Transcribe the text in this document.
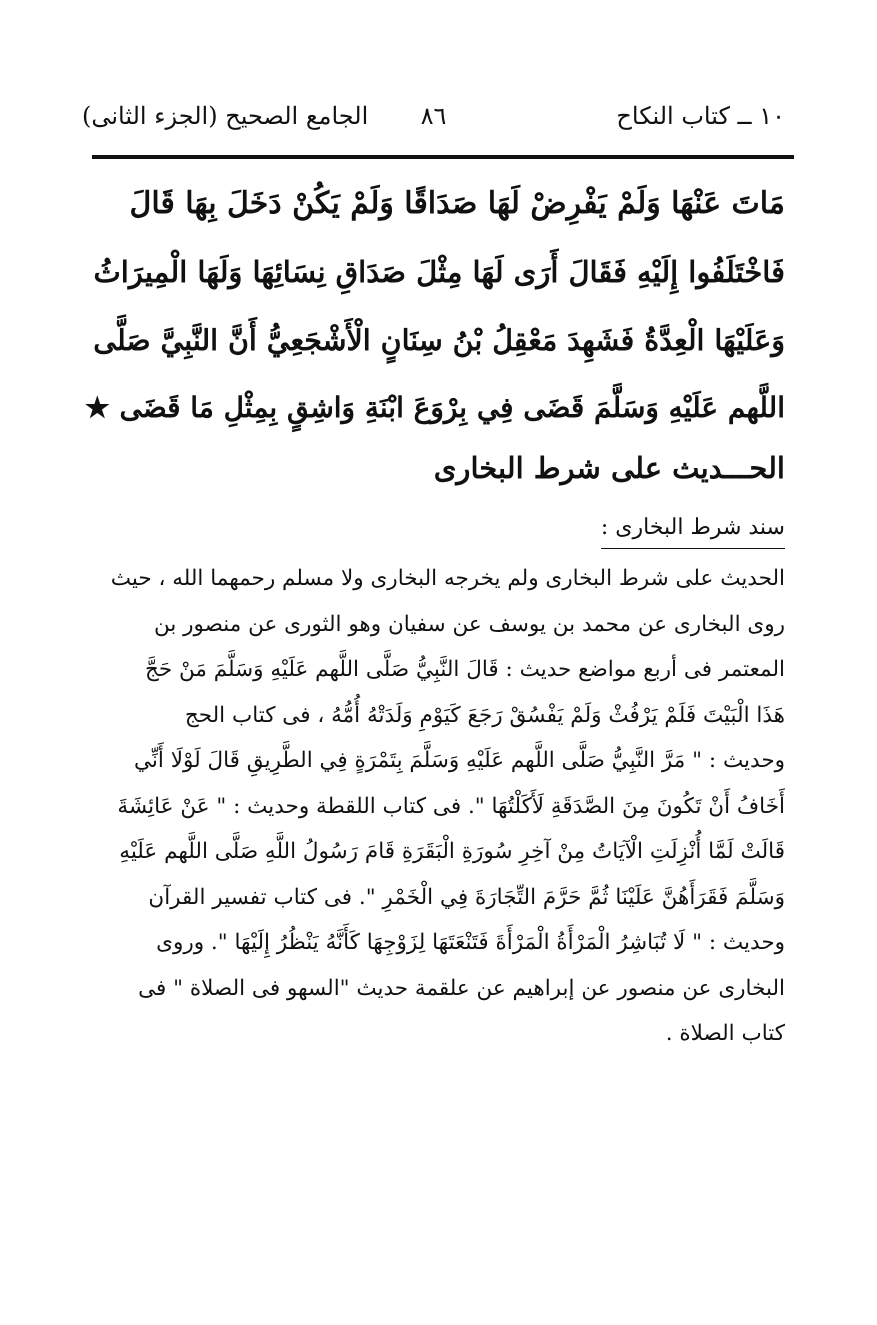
١٠ ــ كتاب النكاح
٨٦
الجامع الصحيح (الجزء الثانى)
مَاتَ عَنْهَا وَلَمْ يَفْرِضْ لَهَا صَدَاقًا وَلَمْ يَكُنْ دَخَلَ بِهَا قَالَ
فَاخْتَلَفُوا إِلَيْهِ فَقَالَ أَرَى لَهَا مِثْلَ صَدَاقِ نِسَائِهَا وَلَهَا الْمِيرَاثُ
وَعَلَيْهَا الْعِدَّةُ فَشَهِدَ مَعْقِلُ بْنُ سِنَانٍ الْأَشْجَعِيُّ أَنَّ النَّبِيَّ صَلَّى
اللَّهم عَلَيْهِ وَسَلَّمَ قَضَى فِي بِرْوَعَ ابْنَةِ وَاشِقٍ بِمِثْلِ مَا قَضَى ★
الحـــديث على شرط البخارى
سند شرط البخارى :
الحديث على شرط البخارى ولم يخرجه البخارى ولا مسلم رحمهما الله ، حيث
روى البخارى عن محمد بن يوسف عن سفيان وهو الثورى عن منصور بن
المعتمر فى أربع مواضع حديث : قَالَ النَّبِيُّ صَلَّى اللَّهم عَلَيْهِ وَسَلَّمَ مَنْ حَجَّ
هَذَا الْبَيْتَ فَلَمْ يَرْفُثْ وَلَمْ يَفْسُقْ رَجَعَ كَيَوْمِ وَلَدَتْهُ أُمُّهُ ، فى كتاب الحج
وحديث : " مَرَّ النَّبِيُّ صَلَّى اللَّهم عَلَيْهِ وَسَلَّمَ بِتَمْرَةٍ فِي الطَّرِيقِ قَالَ لَوْلَا أَنِّي
أَخَافُ أَنْ تَكُونَ مِنَ الصَّدَقَةِ لَأَكَلْتُهَا ". فى كتاب اللقطة وحديث : " عَنْ عَائِشَةَ
قَالَتْ لَمَّا أُنْزِلَتِ الْآيَاتُ مِنْ آخِرِ سُورَةِ الْبَقَرَةِ قَامَ رَسُولُ اللَّهِ صَلَّى اللَّهم عَلَيْهِ
وَسَلَّمَ فَقَرَأَهُنَّ عَلَيْنَا ثُمَّ حَرَّمَ التِّجَارَةَ فِي الْخَمْرِ ". فى كتاب تفسير القرآن
وحديث : " لَا تُبَاشِرُ الْمَرْأَةُ الْمَرْأَةَ فَتَنْعَتَهَا لِزَوْجِهَا كَأَنَّهُ يَنْظُرُ إِلَيْهَا ". وروى
البخارى عن منصور عن إبراهيم عن علقمة حديث "السهو فى الصلاة " فى
كتاب الصلاة .
